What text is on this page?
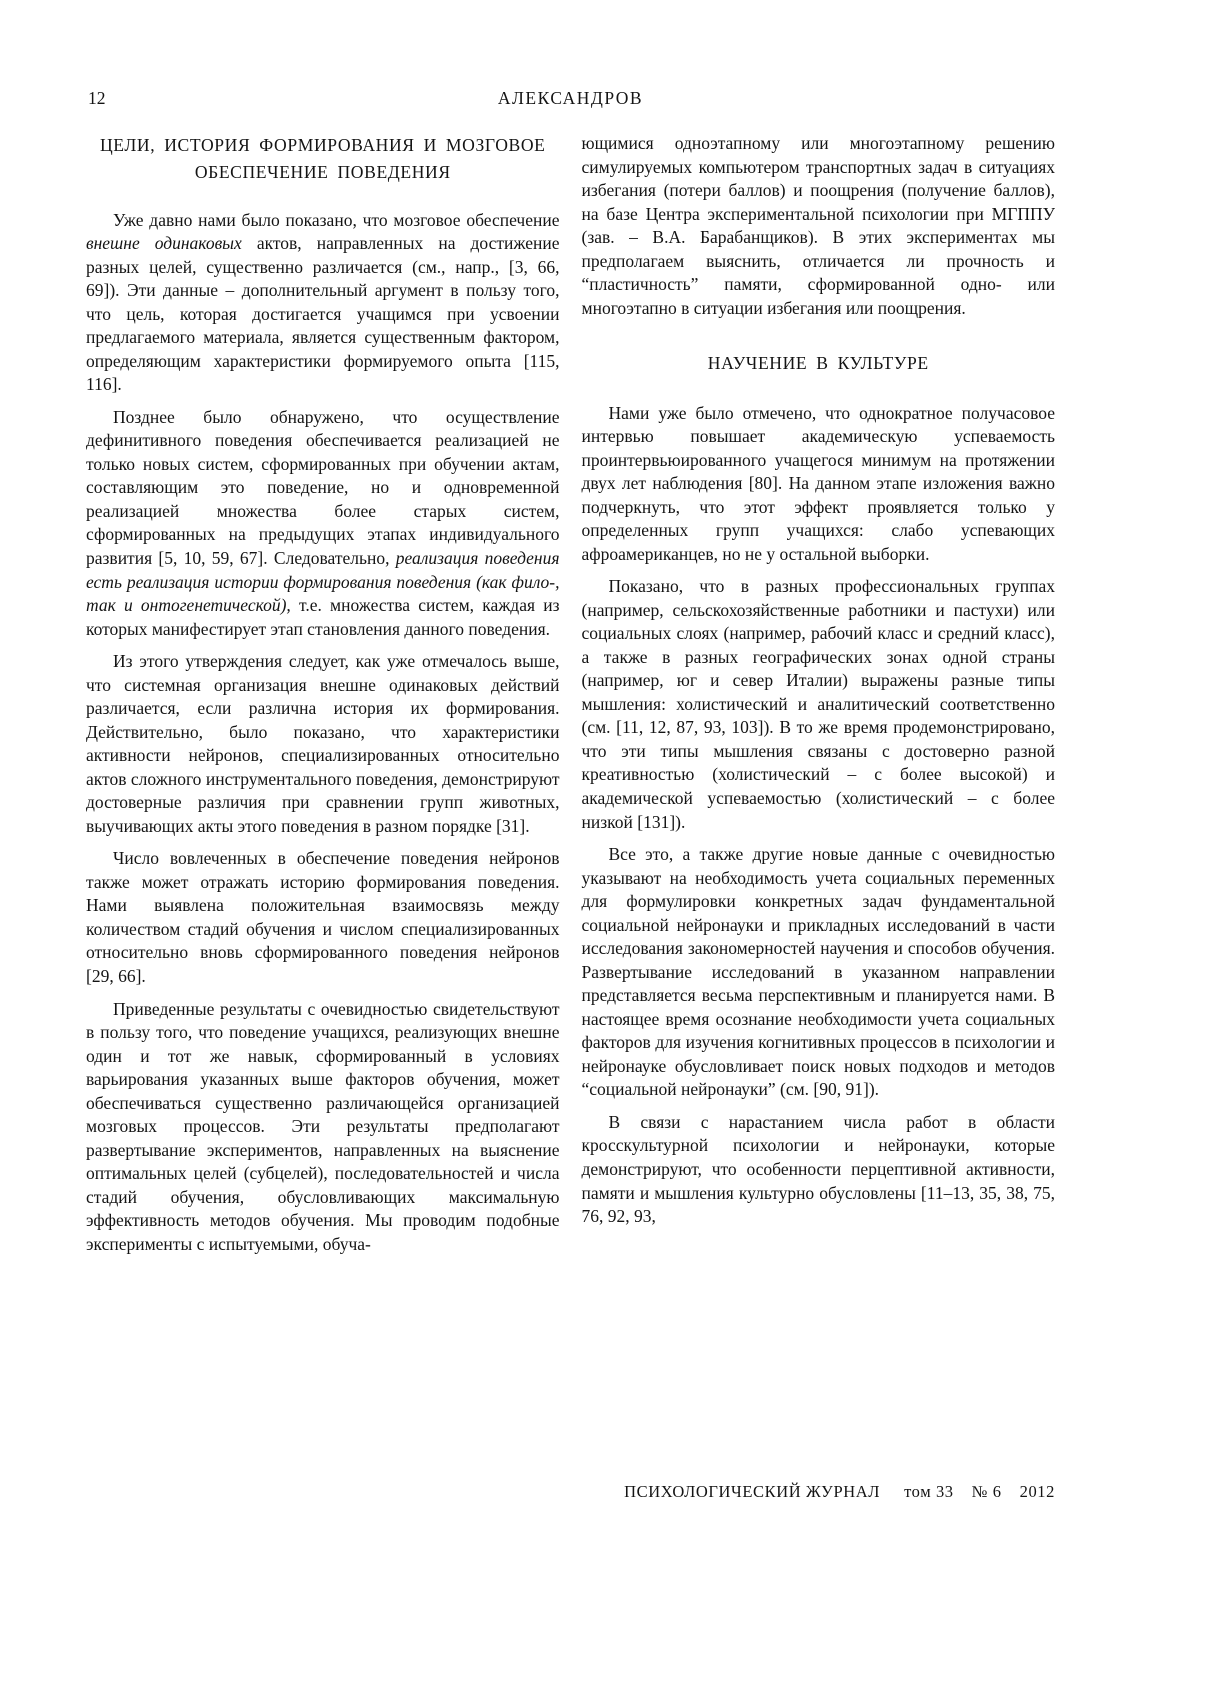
12	АЛЕКСАНДРОВ
ЦЕЛИ, ИСТОРИЯ ФОРМИРОВАНИЯ И МОЗГОВОЕ ОБЕСПЕЧЕНИЕ ПОВЕДЕНИЯ

Уже давно нами было показано, что мозговое обеспечение внешне одинаковых актов, направленных на достижение разных целей, существенно различается (см., напр., [3, 66, 69]). Эти данные – дополнительный аргумент в пользу того, что цель, которая достигается учащимся при усвоении предлагаемого материала, является существенным фактором, определяющим характеристики формируемого опыта [115, 116].

Позднее было обнаружено, что осуществление дефинитивного поведения обеспечивается реализацией не только новых систем, сформированных при обучении актам, составляющим это поведение, но и одновременной реализацией множества более старых систем, сформированных на предыдущих этапах индивидуального развития [5, 10, 59, 67]. Следовательно, реализация поведения есть реализация истории формирования поведения (как фило-, так и онтогенетической), т.е. множества систем, каждая из которых манифестирует этап становления данного поведения.

Из этого утверждения следует, как уже отмечалось выше, что системная организация внешне одинаковых действий различается, если различна история их формирования. Действительно, было показано, что характеристики активности нейронов, специализированных относительно актов сложного инструментального поведения, демонстрируют достоверные различия при сравнении групп животных, выучивающих акты этого поведения в разном порядке [31].

Число вовлеченных в обеспечение поведения нейронов также может отражать историю формирования поведения. Нами выявлена положительная взаимосвязь между количеством стадий обучения и числом специализированных относительно вновь сформированного поведения нейронов [29, 66].

Приведенные результаты с очевидностью свидетельствуют в пользу того, что поведение учащихся, реализующих внешне один и тот же навык, сформированный в условиях варьирования указанных выше факторов обучения, может обеспечиваться существенно различающейся организацией мозговых процессов. Эти результаты предполагают развертывание экспериментов, направленных на выяснение оптимальных целей (субцелей), последовательностей и числа стадий обучения, обусловливающих максимальную эффективность методов обучения. Мы проводим подобные эксперименты с испытуемыми, обуча-

ющимися одноэтапному или многоэтапному решению симулируемых компьютером транспортных задач в ситуациях избегания (потери баллов) и поощрения (получение баллов), на базе Центра экспериментальной психологии при МГППУ (зав. – В.А. Барабанщиков). В этих экспериментах мы предполагаем выяснить, отличается ли прочность и “пластичность” памяти, сформированной одно- или многоэтапно в ситуации избегания или поощрения.

НАУЧЕНИЕ В КУЛЬТУРЕ

Нами уже было отмечено, что однократное получасовое интервью повышает академическую успеваемость проинтервьюированного учащегося минимум на протяжении двух лет наблюдения [80]. На данном этапе изложения важно подчеркнуть, что этот эффект проявляется только у определенных групп учащихся: слабо успевающих афроамериканцев, но не у остальной выборки.

Показано, что в разных профессиональных группах (например, сельскохозяйственные работники и пастухи) или социальных слоях (например, рабочий класс и средний класс), а также в разных географических зонах одной страны (например, юг и север Италии) выражены разные типы мышления: холистический и аналитический соответственно (см. [11, 12, 87, 93, 103]). В то же время продемонстрировано, что эти типы мышления связаны с достоверно разной креативностью (холистический – с более высокой) и академической успеваемостью (холистический – с более низкой [131]).

Все это, а также другие новые данные с очевидностью указывают на необходимость учета социальных переменных для формулировки конкретных задач фундаментальной социальной нейронауки и прикладных исследований в части исследования закономерностей научения и способов обучения. Развертывание исследований в указанном направлении представляется весьма перспективным и планируется нами. В настоящее время осознание необходимости учета социальных факторов для изучения когнитивных процессов в психологии и нейронауке обусловливает поиск новых подходов и методов “социальной нейронауки” (см. [90, 91]).

В связи с нарастанием числа работ в области кросскультурной психологии и нейронауки, которые демонстрируют, что особенности перцептивной активности, памяти и мышления культурно обусловлены [11–13, 35, 38, 75, 76, 92, 93,

ПСИХОЛОГИЧЕСКИЙ ЖУРНАЛ том 33 № 6 2012
